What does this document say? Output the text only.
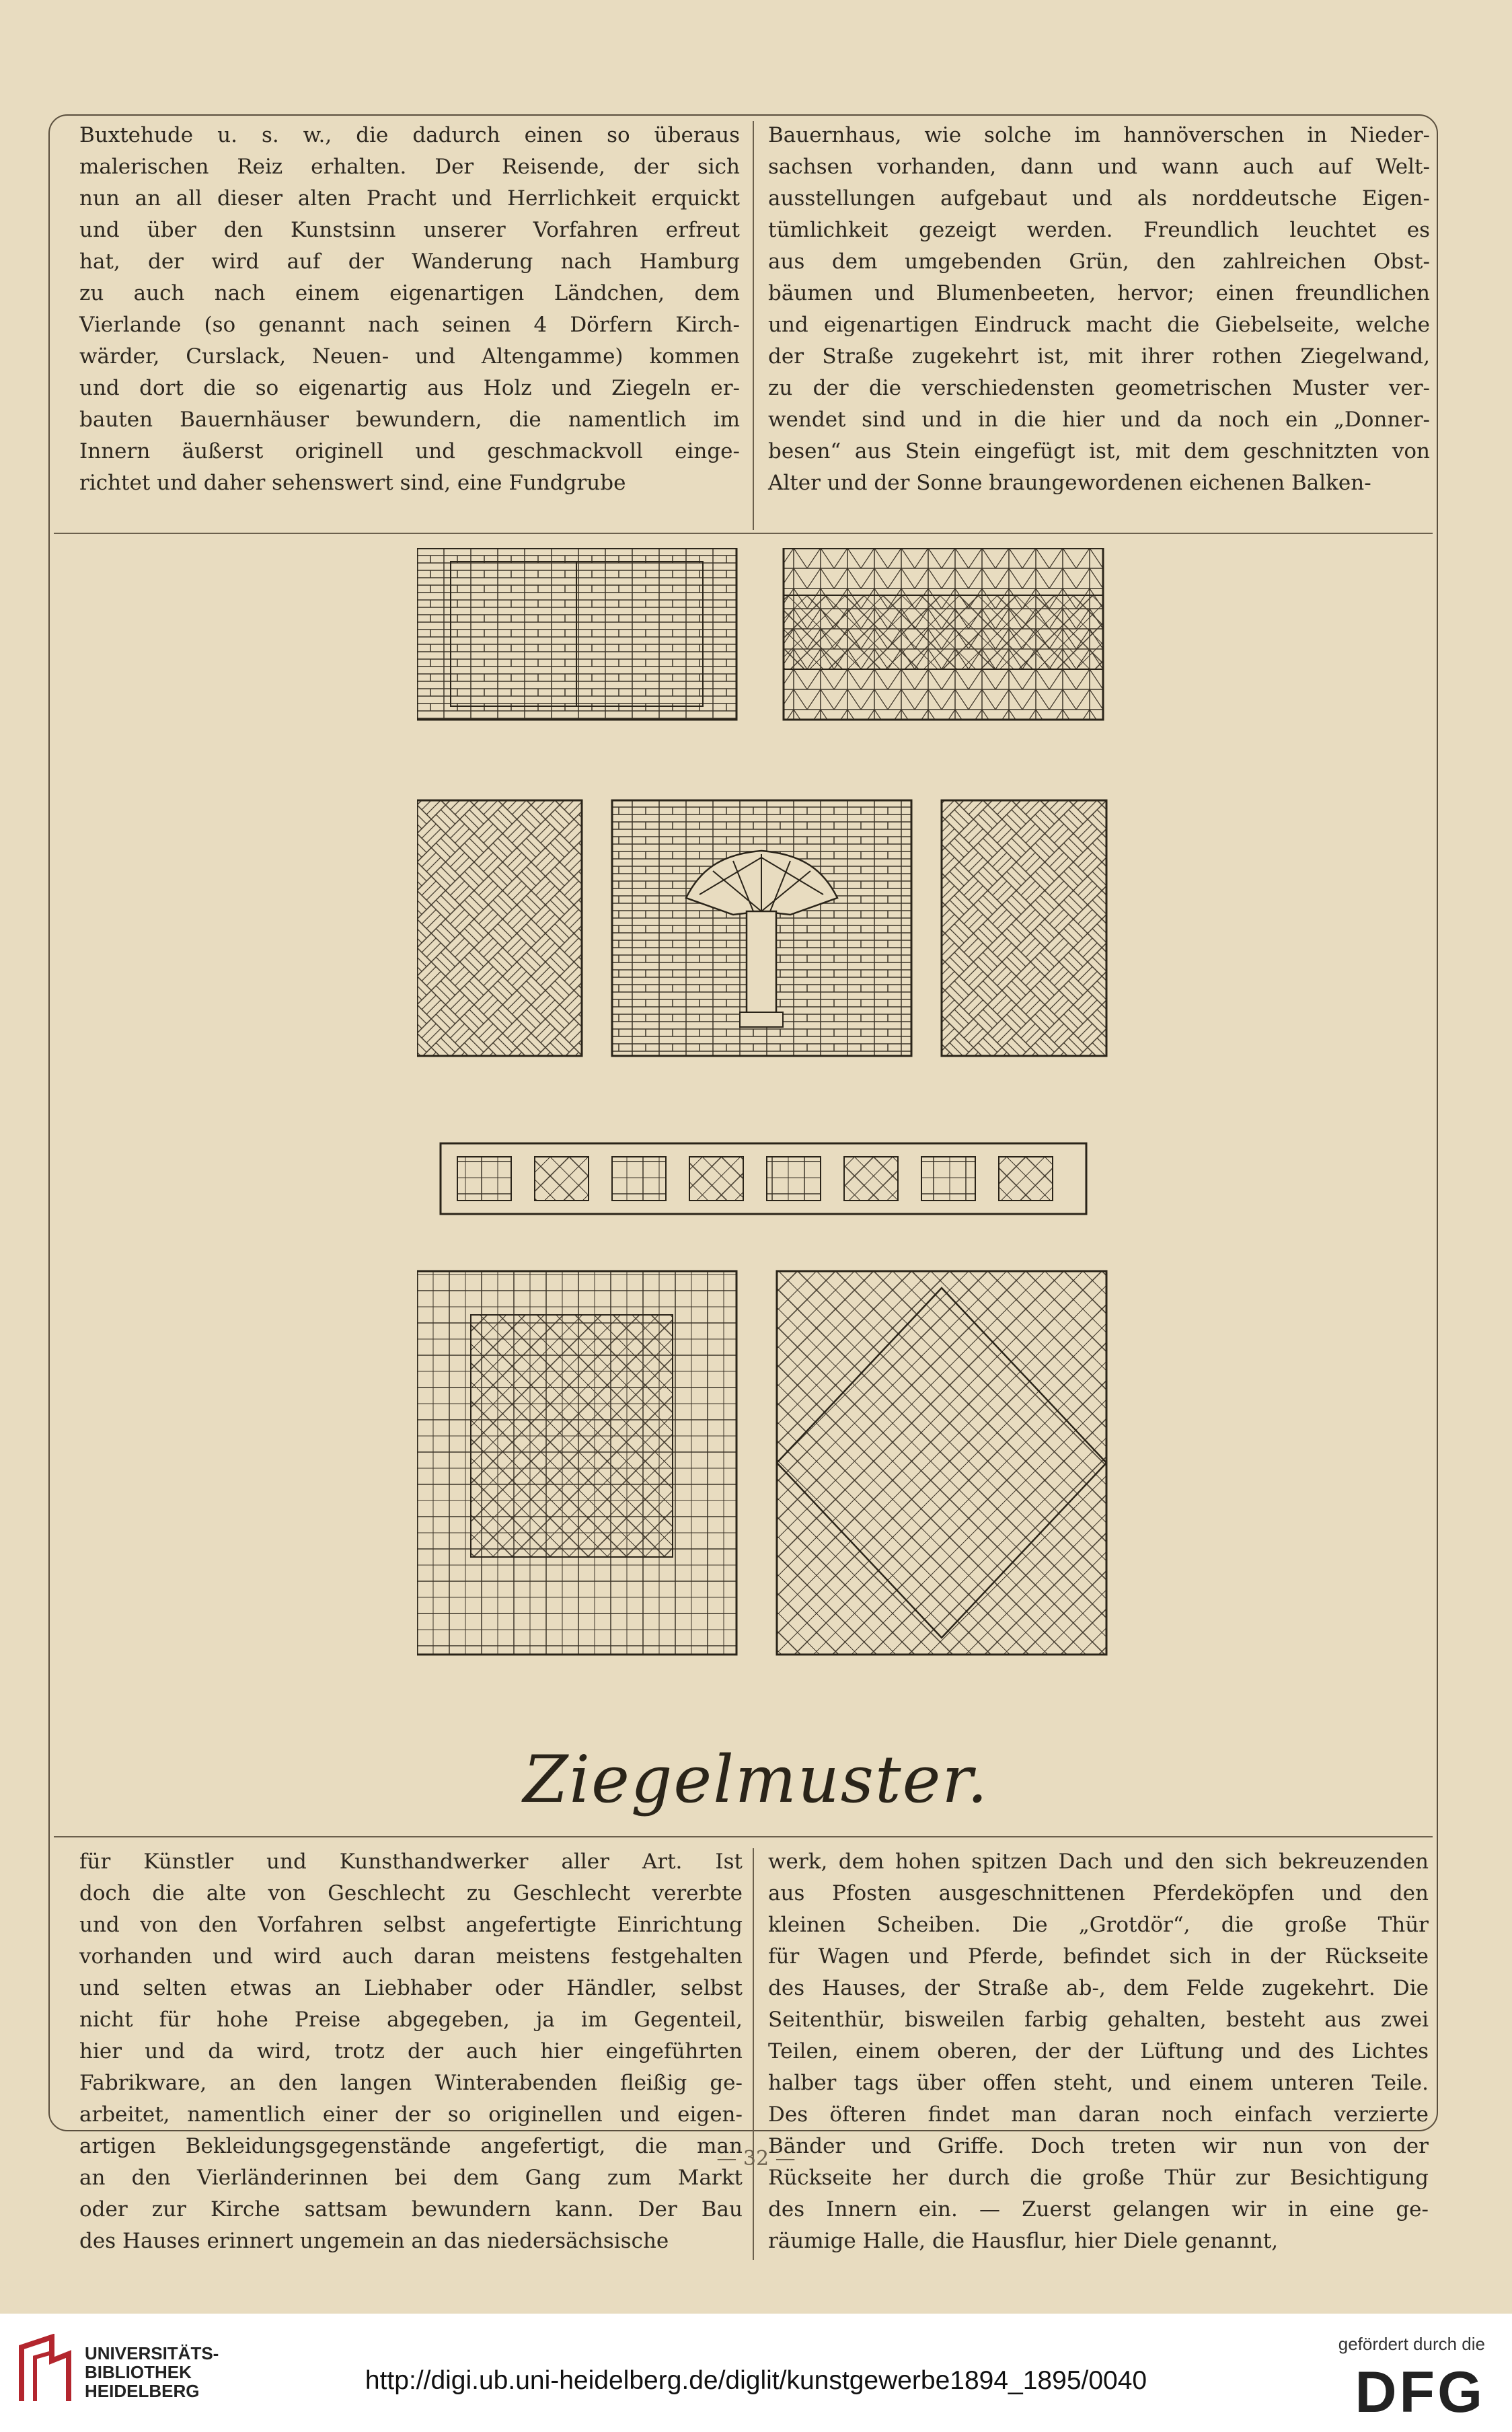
Buxtehude u. s. w., die dadurch einen so überaus
malerischen Reiz erhalten. Der Reisende, der sich
nun an all dieser alten Pracht und Herrlichkeit erquickt
und über den Kunstsinn unserer Vorfahren erfreut
hat, der wird auf der Wanderung nach Hamburg
zu auch nach einem eigenartigen Ländchen, dem
Vierlande (so genannt nach seinen 4 Dörfern Kirch-
wärder, Curslack, Neuen- und Altengamme) kommen
und dort die so eigenartig aus Holz und Ziegeln er-
bauten Bauernhäuser bewundern, die namentlich im
Innern äußerst originell und geschmackvoll einge-
richtet und daher sehenswert sind, eine Fundgrube
Bauernhaus, wie solche im hannöverschen in Nieder-
sachsen vorhanden, dann und wann auch auf Welt-
ausstellungen aufgebaut und als norddeutsche Eigen-
tümlichkeit gezeigt werden. Freundlich leuchtet es
aus dem umgebenden Grün, den zahlreichen Obst-
bäumen und Blumenbeeten, hervor; einen freundlichen
und eigenartigen Eindruck macht die Giebelseite, welche
der Straße zugekehrt ist, mit ihrer rothen Ziegelwand,
zu der die verschiedensten geometrischen Muster ver-
wendet sind und in die hier und da noch ein „Donner-
besen“ aus Stein eingefügt ist, mit dem geschnitzten von
Alter und der Sonne braungewordenen eichenen Balken-
Ziegelmuster.
für Künstler und Kunsthandwerker aller Art. Ist
doch die alte von Geschlecht zu Geschlecht vererbte
und von den Vorfahren selbst angefertigte Einrichtung
vorhanden und wird auch daran meistens festgehalten
und selten etwas an Liebhaber oder Händler, selbst
nicht für hohe Preise abgegeben, ja im Gegenteil,
hier und da wird, trotz der auch hier eingeführten
Fabrikware, an den langen Winterabenden fleißig ge-
arbeitet, namentlich einer der so originellen und eigen-
artigen Bekleidungsgegenstände angefertigt, die man
an den Vierländerinnen bei dem Gang zum Markt
oder zur Kirche sattsam bewundern kann. Der Bau
des Hauses erinnert ungemein an das niedersächsische
werk, dem hohen spitzen Dach und den sich bekreuzenden
aus Pfosten ausgeschnittenen Pferdeköpfen und den
kleinen Scheiben. Die „Grotdör“, die große Thür
für Wagen und Pferde, befindet sich in der Rückseite
des Hauses, der Straße ab-, dem Felde zugekehrt. Die
Seitenthür, bisweilen farbig gehalten, besteht aus zwei
Teilen, einem oberen, der der Lüftung und des Lichtes
halber tags über offen steht, und einem unteren Teile.
Des öfteren findet man daran noch einfach verzierte
Bänder und Griffe. Doch treten wir nun von der
Rückseite her durch die große Thür zur Besichtigung
des Innern ein. — Zuerst gelangen wir in eine ge-
räumige Halle, die Hausflur, hier Diele genannt,
— 32 —
UNIVERSITÄTS-
BIBLIOTHEK
HEIDELBERG	http://digi.ub.uni-heidelberg.de/diglit/kunstgewerbe1894_1895/0040
gefördert durch die
DFG
